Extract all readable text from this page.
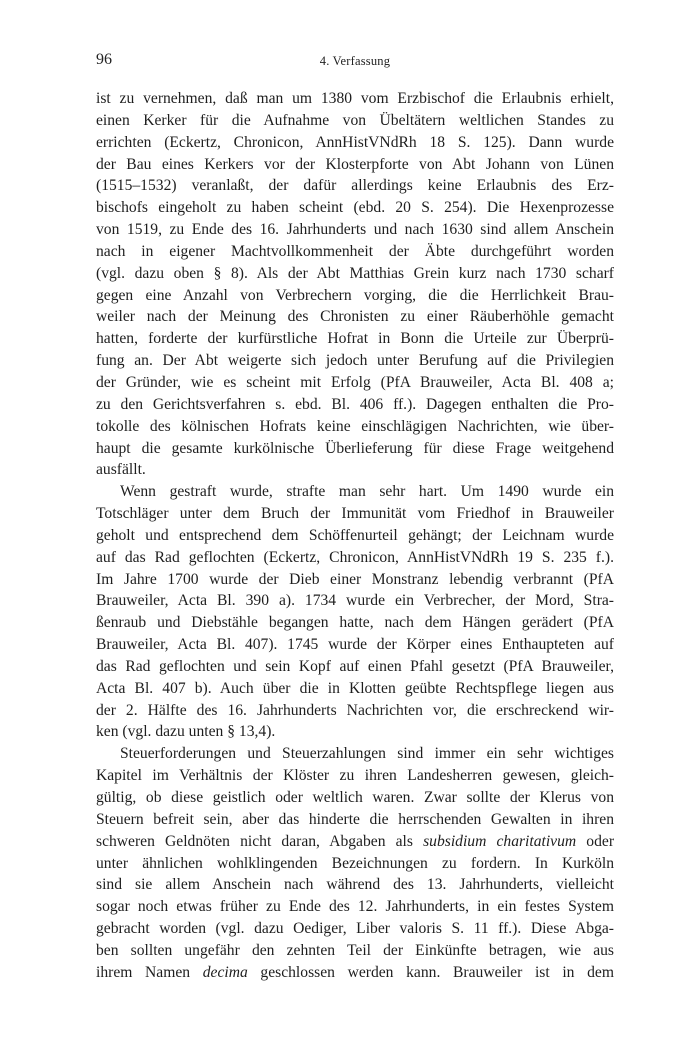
96	4. Verfassung
ist zu vernehmen, daß man um 1380 vom Erzbischof die Erlaubnis erhielt,
einen Kerker für die Aufnahme von Übeltätern weltlichen Standes zu
errichten (Eckertz, Chronicon, AnnHistVNdRh 18 S. 125). Dann wurde
der Bau eines Kerkers vor der Klosterpforte von Abt Johann von Lünen
(1515–1532) veranlaßt, der dafür allerdings keine Erlaubnis des Erz-
bischofs eingeholt zu haben scheint (ebd. 20 S. 254). Die Hexenprozesse
von 1519, zu Ende des 16. Jahrhunderts und nach 1630 sind allem Anschein
nach in eigener Machtvollkommenheit der Äbte durchgeführt worden
(vgl. dazu oben § 8). Als der Abt Matthias Grein kurz nach 1730 scharf
gegen eine Anzahl von Verbrechern vorging, die die Herrlichkeit Brau-
weiler nach der Meinung des Chronisten zu einer Räuberhöhle gemacht
hatten, forderte der kurfürstliche Hofrat in Bonn die Urteile zur Überprü-
fung an. Der Abt weigerte sich jedoch unter Berufung auf die Privilegien
der Gründer, wie es scheint mit Erfolg (PfA Brauweiler, Acta Bl. 408 a;
zu den Gerichtsverfahren s. ebd. Bl. 406 ff.). Dagegen enthalten die Pro-
tokolle des kölnischen Hofrats keine einschlägigen Nachrichten, wie über-
haupt die gesamte kurkölnische Überlieferung für diese Frage weitgehend
ausfällt.
Wenn gestraft wurde, strafte man sehr hart. Um 1490 wurde ein
Totschläger unter dem Bruch der Immunität vom Friedhof in Brauweiler
geholt und entsprechend dem Schöffenurteil gehängt; der Leichnam wurde
auf das Rad geflochten (Eckertz, Chronicon, AnnHistVNdRh 19 S. 235 f.).
Im Jahre 1700 wurde der Dieb einer Monstranz lebendig verbrannt (PfA
Brauweiler, Acta Bl. 390 a). 1734 wurde ein Verbrecher, der Mord, Stra-
ßenraub und Diebstähle begangen hatte, nach dem Hängen gerädert (PfA
Brauweiler, Acta Bl. 407). 1745 wurde der Körper eines Enthaupteten auf
das Rad geflochten und sein Kopf auf einen Pfahl gesetzt (PfA Brauweiler,
Acta Bl. 407 b). Auch über die in Klotten geübte Rechtspflege liegen aus
der 2. Hälfte des 16. Jahrhunderts Nachrichten vor, die erschreckend wir-
ken (vgl. dazu unten § 13,4).
Steuerforderungen und Steuerzahlungen sind immer ein sehr wichtiges
Kapitel im Verhältnis der Klöster zu ihren Landesherren gewesen, gleich-
gültig, ob diese geistlich oder weltlich waren. Zwar sollte der Klerus von
Steuern befreit sein, aber das hinderte die herrschenden Gewalten in ihren
schweren Geldnöten nicht daran, Abgaben als subsidium charitativum oder
unter ähnlichen wohlklingenden Bezeichnungen zu fordern. In Kurköln
sind sie allem Anschein nach während des 13. Jahrhunderts, vielleicht
sogar noch etwas früher zu Ende des 12. Jahrhunderts, in ein festes System
gebracht worden (vgl. dazu Oediger, Liber valoris S. 11 ff.). Diese Abga-
ben sollten ungefähr den zehnten Teil der Einkünfte betragen, wie aus
ihrem Namen decima geschlossen werden kann. Brauweiler ist in dem
